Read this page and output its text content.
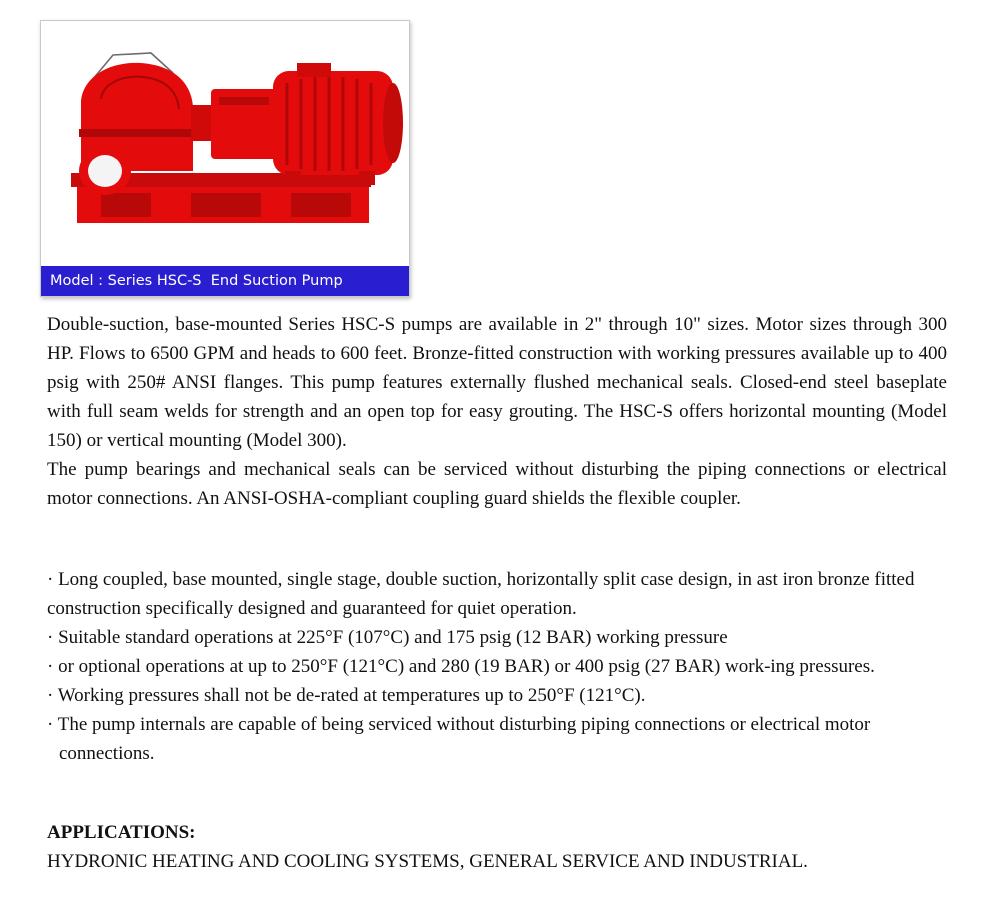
Model : Series HSC-S  End Suction Pump

Double-suction, base-mounted Series HSC-S pumps are available in 2" through 10" sizes. Motor sizes through 300 HP. Flows to 6500 GPM and heads to 600 feet. Bronze-fitted construction with working pressures available up to 400 psig with 250# ANSI flanges. This pump features externally flushed mechanical seals. Closed-end steel baseplate with full seam welds for strength and an open top for easy grouting. The HSC-S offers horizontal mounting (Model 150) or vertical mounting (Model 300).

The pump bearings and mechanical seals can be serviced without disturbing the piping connections or electrical motor connections. An ANSI-OSHA-compliant coupling guard shields the flexible coupler.

· Long coupled, base mounted, single stage, double suction, horizontally split case design, in ast iron bronze fitted construction specifically designed and guaranteed for quiet operation.

· Suitable standard operations at 225°F (107°C) and 175 psig (12 BAR) working pressure

· or optional operations at up to 250°F (121°C) and 280 (19 BAR) or 400 psig (27 BAR) work-ing pressures.

· Working pressures shall not be de-rated at temperatures up to 250°F (121°C).

· The pump internals are capable of being serviced without disturbing piping connections or electrical motor connections.

APPLICATIONS:

HYDRONIC HEATING AND COOLING SYSTEMS, GENERAL SERVICE AND INDUSTRIAL.
